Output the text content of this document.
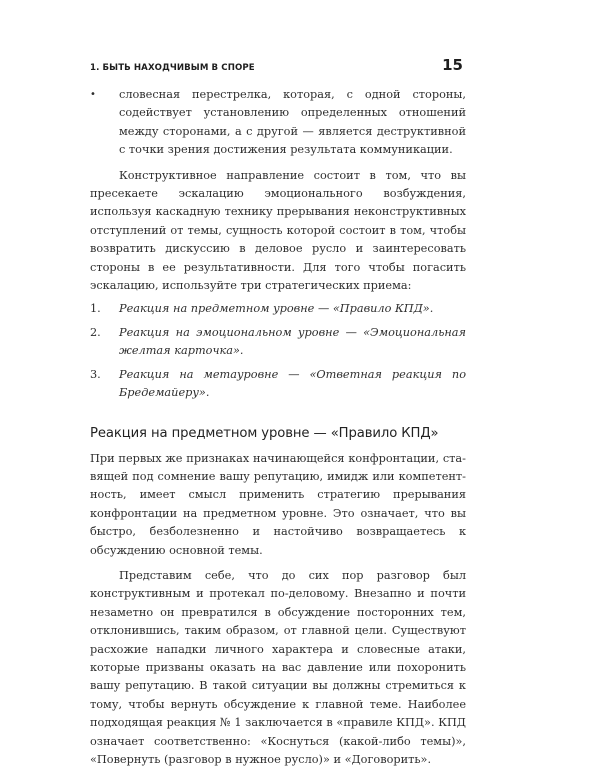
1. БЫТЬ НАХОДЧИВЫМ В СПОРЕ	15
• словесная перестрелка, которая, с одной стороны, содействует установлению определенных отношений между сторонами, а с другой — является деструктивной с точки зрения достижения результата коммуникации.

Конструктивное направление состоит в том, что вы пресекаете эскалацию эмоционального возбуждения, используя каскадную технику прерывания неконструктивных отступлений от темы, сущность которой состоит в том, чтобы возвратить дискуссию в деловое русло и заинтересовать стороны в ее результативности. Для того чтобы погасить эскалацию, используйте три стратегических приема:

1. Реакция на предметном уровне — «Правило КПД».
2. Реакция на эмоциональном уровне — «Эмоциональная желтая карточка».
3. Реакция на метауровне — «Ответная реакция по Бредемайеру».
Реакция на предметном уровне — «Правило КПД»

При первых же признаках начинающейся конфронтации, ставящей под сомнение вашу репутацию, имидж или компетентность, имеет смысл применить стратегию прерывания конфронтации на предметном уровне. Это означает, что вы быстро, безболезненно и настойчиво возвращаетесь к обсуждению основной темы.

Представим себе, что до сих пор разговор был конструктивным и протекал по-деловому. Внезапно и почти незаметно он превратился в обсуждение посторонних тем, отклонившись, таким образом, от главной цели. Существуют расхожие нападки личного характера и словесные атаки, которые призваны оказать на вас давление или похоронить вашу репутацию. В такой ситуации вы должны стремиться к тому, чтобы вернуть обсуждение к главной теме. Наиболее подходящая реакция № 1 заключается в «правиле КПД». КПД означает соответственно: «Коснуться (какой-либо темы)», «Повернуть (разговор в нужное русло)» и «Договорить».
